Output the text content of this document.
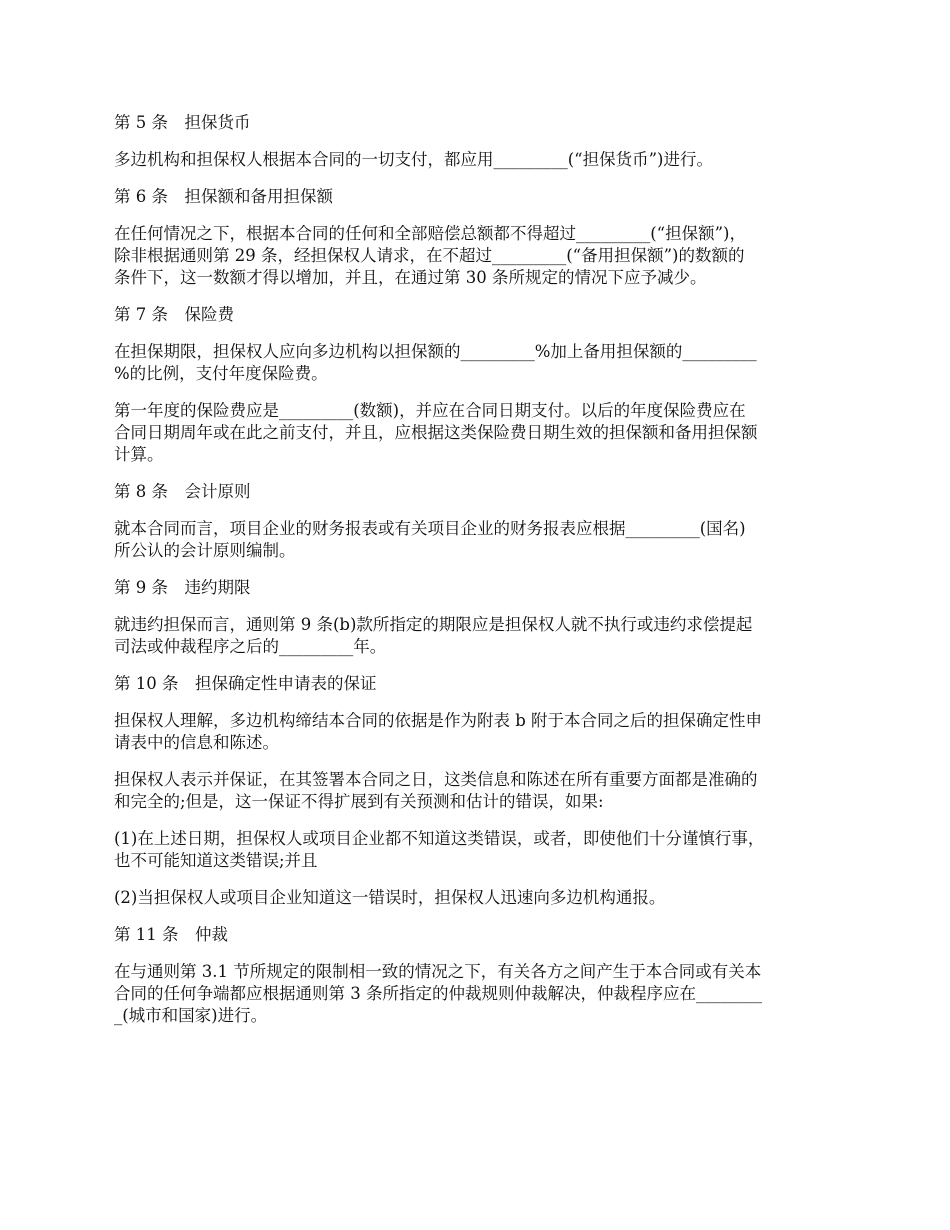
第 5 条　担保货币

多边机构和担保权人根据本合同的一切支付，都应用_________(“担保货币”)进行。

第 6 条　担保额和备用担保额

在任何情况之下，根据本合同的任何和全部赔偿总额都不得超过_________(“担保额”)，
除非根据通则第 29 条，经担保权人请求，在不超过_________(“备用担保额”)的数额的
条件下，这一数额才得以增加，并且，在通过第 30 条所规定的情况下应予减少。

第 7 条　保险费

在担保期限，担保权人应向多边机构以担保额的_________%加上备用担保额的_________
%的比例，支付年度保险费。

第一年度的保险费应是_________(数额)，并应在合同日期支付。以后的年度保险费应在
合同日期周年或在此之前支付，并且，应根据这类保险费日期生效的担保额和备用担保额
计算。

第 8 条　会计原则

就本合同而言，项目企业的财务报表或有关项目企业的财务报表应根据_________(国名)
所公认的会计原则编制。

第 9 条　违约期限

就违约担保而言，通则第 9 条(b)款所指定的期限应是担保权人就不执行或违约求偿提起
司法或仲裁程序之后的_________年。

第 10 条　担保确定性申请表的保证

担保权人理解，多边机构缔结本合同的依据是作为附表 b 附于本合同之后的担保确定性申
请表中的信息和陈述。

担保权人表示并保证，在其签署本合同之日，这类信息和陈述在所有重要方面都是准确的
和完全的;但是，这一保证不得扩展到有关预测和估计的错误，如果:

(1)在上述日期，担保权人或项目企业都不知道这类错误，或者，即使他们十分谨慎行事，
也不可能知道这类错误;并且

(2)当担保权人或项目企业知道这一错误时，担保权人迅速向多边机构通报。

第 11 条　仲裁

在与通则第 3.1 节所规定的限制相一致的情况之下，有关各方之间产生于本合同或有关本
合同的任何争端都应根据通则第 3 条所指定的仲裁规则仲裁解决，仲裁程序应在________
_(城市和国家)进行。
